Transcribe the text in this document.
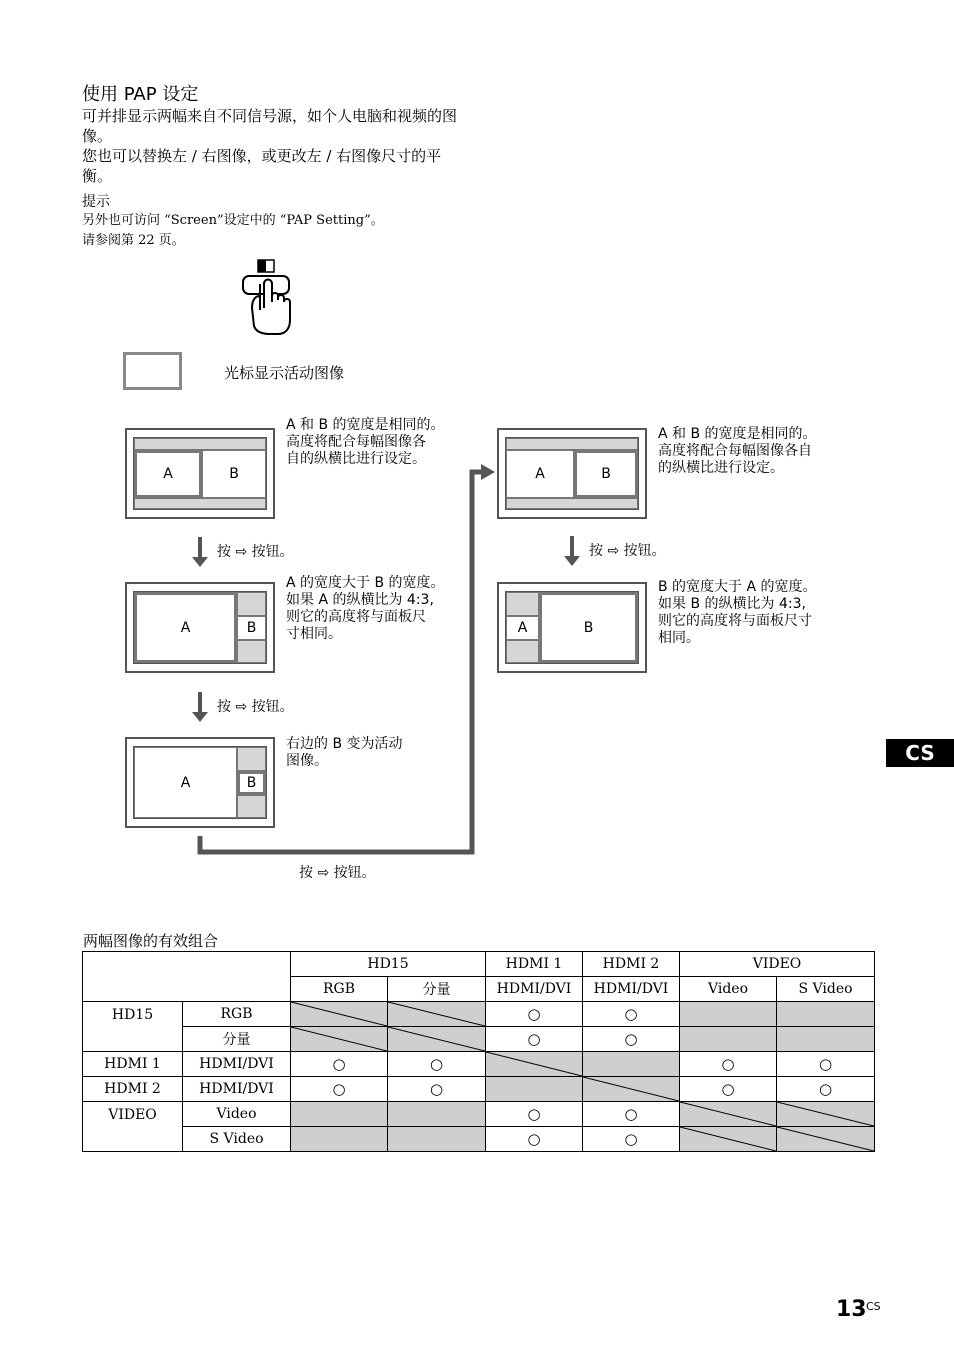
使用 PAP 设定
可并排显示两幅来自不同信号源，如个人电脑和视频的图像。
您也可以替换左 / 右图像，或更改左 / 右图像尺寸的平衡。
提示
另外也可访问 “Screen”设定中的 “PAP Setting”。
请参阅第 22 页。
光标显示活动图像
A	B
A 和 B 的宽度是相同的。
高度将配合每幅图像各
自的纵横比进行设定。
按 ⇨ 按钮。
A	B
A 的宽度大于 B 的宽度。
如果 A 的纵横比为 4:3,
则它的高度将与面板尺
寸相同。
按 ⇨ 按钮。
A	B
右边的 B 变为活动
图像。
按 ⇨ 按钮。
A	B
A 和 B 的宽度是相同的。
高度将配合每幅图像各自
的纵横比进行设定。
按 ⇨ 按钮。
A	B
B 的宽度大于 A 的宽度。
如果 B 的纵横比为 4:3,
则它的高度将与面板尺寸
相同。
CS
两幅图像的有效组合
		HD15		HDMI 1	HDMI 2	VIDEO	
		RGB	分量	HDMI/DVI	HDMI/DVI	Video	S Video
HD15	RGB			○	○		
	分量			○	○		
HDMI 1	HDMI/DVI	○	○			○	○
HDMI 2	HDMI/DVI	○	○			○	○
VIDEO	Video			○	○	

	S Video			○	○	

13 CS
